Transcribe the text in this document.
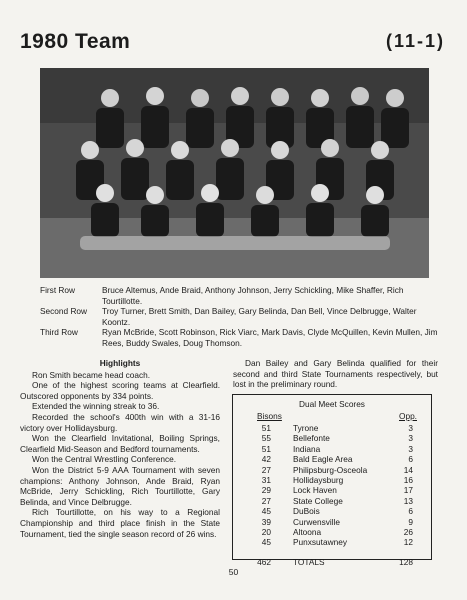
1980 Team	(11-1)
First Row	Bruce Altemus, Ande Braid, Anthony Johnson, Jerry Schickling, Mike Shaffer, Rich Tourtillotte.
Second Row	Troy Turner, Brett Smith, Dan Bailey, Gary Belinda, Dan Bell, Vince Delbrugge, Walter Koontz.
Third Row	Ryan McBride, Scott Robinson, Rick Viarc, Mark Davis, Clyde McQuillen, Kevin Mullen, Jim Rees, Buddy Swales, Doug Thomson.
Highlights

Ron Smith became head coach.

One of the highest scoring teams at Clearfield. Outscored opponents by 334 points.

Extended the winning streak to 36.

Recorded the school's 400th win with a 31-16 victory over Hollidaysburg.

Won the Clearfield Invitational, Boiling Springs, Clearfield Mid-Season and Bedford tournaments.

Won the Central Wrestling Conference.

Won the District 5-9 AAA Tournament with seven champions: Anthony Johnson, Ande Braid, Ryan McBride, Jerry Schickling, Rich Tourtillotte, Gary Belinda, and Vince Delbrugge.

Rich Tourtillotte, on his way to a Regional Championship and third place finish in the State Tournament, tied the single season record of 26 wins.

Dan Bailey and Gary Belinda qualified for their second and third State Tournaments respectively, but lost in the preliminary round.
Dual Meet Scores
Bisons	Opp.
51	Tyrone	3
55	Bellefonte	3
51	Indiana	3
42	Bald Eagle Area	6
27	Philipsburg-Osceola	14
31	Hollidaysburg	16
29	Lock Haven	17
27	State College	13
45	DuBois	6
39	Curwensville	9
20	Altoona	26
45	Punxsutawney	12
462	TOTALS	128
50
